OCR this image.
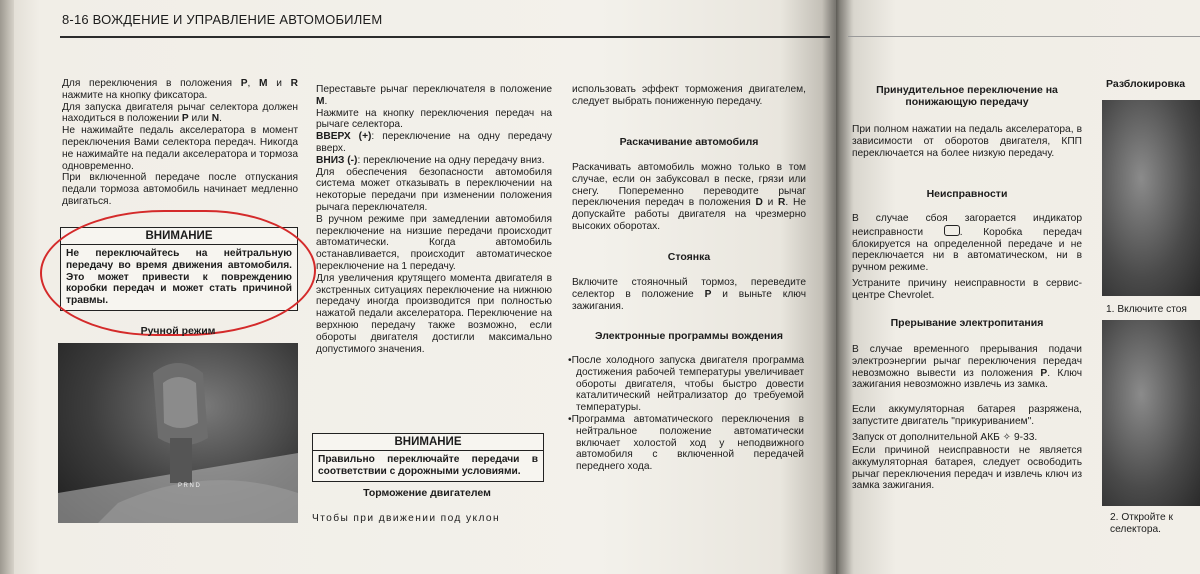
8-16 ВОЖДЕНИЕ И УПРАВЛЕНИЕ АВТОМОБИЛЕМ

Для переключения в положения P, M и R нажмите на кнопку фиксатора.

Для запуска двигателя рычаг селектора должен находиться в положении P или N.

Не нажимайте педаль акселератора в момент переключения Вами селектора передач. Никогда не нажимайте на педали акселератора и тормоза одновременно.

При включенной передаче после отпускания педали тормоза автомобиль начинает медленно двигаться.

ВНИМАНИЕ
Не переключайтесь на нейтральную передачу во время движения автомобиля. Это может привести к повреждению коробки передач и может стать причиной травмы.
Ручной режим
P R N D

Переставьте рычаг переключателя в положение M.

Нажмите на кнопку переключения передач на рычаге селектора.

ВВЕРХ (+): переключение на одну передачу вверх.

ВНИЗ (-): переключение на одну передачу вниз.

Для обеспечения безопасности автомобиля система может отказывать в переключении на некоторые передачи при изменении положения рычага переключателя.

В ручном режиме при замедлении автомобиля переключение на низшие передачи происходит автоматически. Когда автомобиль останавливается, происходит автоматическое переключение на 1 передачу.

Для увеличения крутящего момента двигателя в экстренных ситуациях переключение на нижнюю передачу иногда производится при полностью нажатой педали акселератора. Переключение на верхнюю передачу также возможно, если обороты двигателя достигли максимально допустимого значения.

ВНИМАНИЕ
Правильно переключайте передачи в соответствии с дорожными условиями.
Торможение двигателем
Чтобы при движении под уклон
использовать эффект торможения двигателем, следует выбрать пониженную передачу.
Раскачивание автомобиля
Раскачивать автомобиль можно только в том случае, если он забуксовал в песке, грязи или снегу. Попеременно переводите рычаг переключения передач в положения D и R. Не допускайте работы двигателя на чрезмерно высоких оборотах.
Стоянка
Включите стояночный тормоз, переведите селектор в положение P и выньте ключ зажигания.
Электронные программы вождения

•После холодного запуска двигателя программа достижения рабочей температуры увеличивает обороты двигателя, чтобы быстро довести каталитический нейтрализатор до требуемой температуры.

•Программа автоматического переключения в нейтральное положение автоматически включает холостой ход у неподвижного автомобиля с включенной передачей переднего хода.

Принудительное переключение на понижающую передачу
При полном нажатии на педаль акселератора, в зависимости от оборотов двигателя, КПП переключается на более низкую передачу.
Неисправности
В случае сбоя загорается индикатор неисправности . Коробка передач блокируется на определенной передаче и не переключается ни в автоматическом, ни в ручном режиме.
Устраните причину неисправности в сервис-центре Chevrolet.
Прерывание электропитания
В случае временного прерывания подачи электроэнергии рычаг переключения передач невозможно вывести из положения P. Ключ зажигания невозможно извлечь из замка.
Если аккумуляторная батарея разряжена, запустите двигатель "прикуриванием".
Запуск от дополнительной АКБ ✧ 9-33.
Если причиной неисправности не является аккумуляторная батарея, следует освободить рычаг переключения передач и извлечь ключ из замка зажигания.
Разблокировка
1. Включите стоя
2. Откройте к
селектора.
